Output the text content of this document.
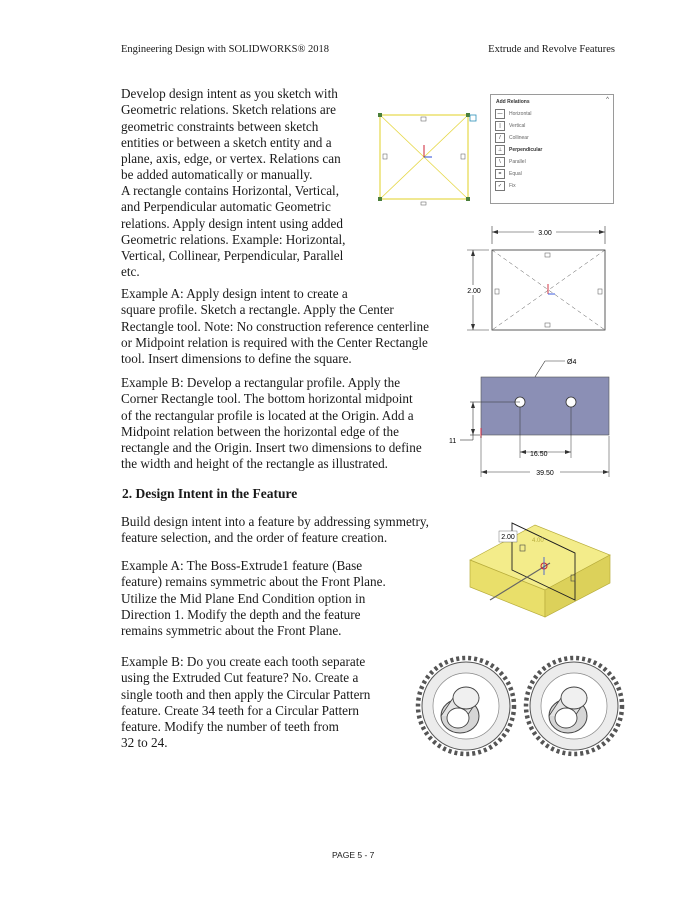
Engineering Design with SOLIDWORKS® 2018	Extrude and Revolve Features

Develop design intent as you sketch with

Geometric relations. Sketch relations are

geometric constraints between sketch

entities or between a sketch entity and a

plane, axis, edge, or vertex. Relations can

be added automatically or manually.

A rectangle contains Horizontal, Vertical,

and Perpendicular automatic Geometric

relations. Apply design intent using added

Geometric relations. Example: Horizontal,

Vertical, Collinear, Perpendicular, Parallel

etc.

Example A: Apply design intent to create a

square profile. Sketch a rectangle. Apply the Center

Rectangle tool. Note: No construction reference centerline

or Midpoint relation is required with the Center Rectangle

tool. Insert dimensions to define the square.

Example B: Develop a rectangular profile. Apply the

Corner Rectangle tool. The bottom horizontal midpoint

of the rectangular profile is located at the Origin. Add a

Midpoint relation between the horizontal edge of the

rectangle and the Origin. Insert two dimensions to define

the width and height of the rectangle as illustrated.

2. Design Intent in the Feature

Build design intent into a feature by addressing symmetry,

feature selection, and the order of feature creation.

Example A: The Boss-Extrude1 feature (Base

feature) remains symmetric about the Front Plane.

Utilize the Mid Plane End Condition option in

Direction 1. Modify the depth and the feature

remains symmetric about the Front Plane.

Example B: Do you create each tooth separate

using the Extruded Cut feature? No. Create a

single tooth and then apply the Circular Pattern

feature. Create 34 teeth for a Circular Pattern

feature. Modify the number of teeth from

32 to 24.

Add Relations	^
—	Horizontal
|	Vertical
/	Collinear
⊥	Perpendicular
\	Parallel
=	Equal
✓	Fix
3.00
2.00
Ø4
11
16.50
39.50
2.00	4.00
PAGE 5 - 7
